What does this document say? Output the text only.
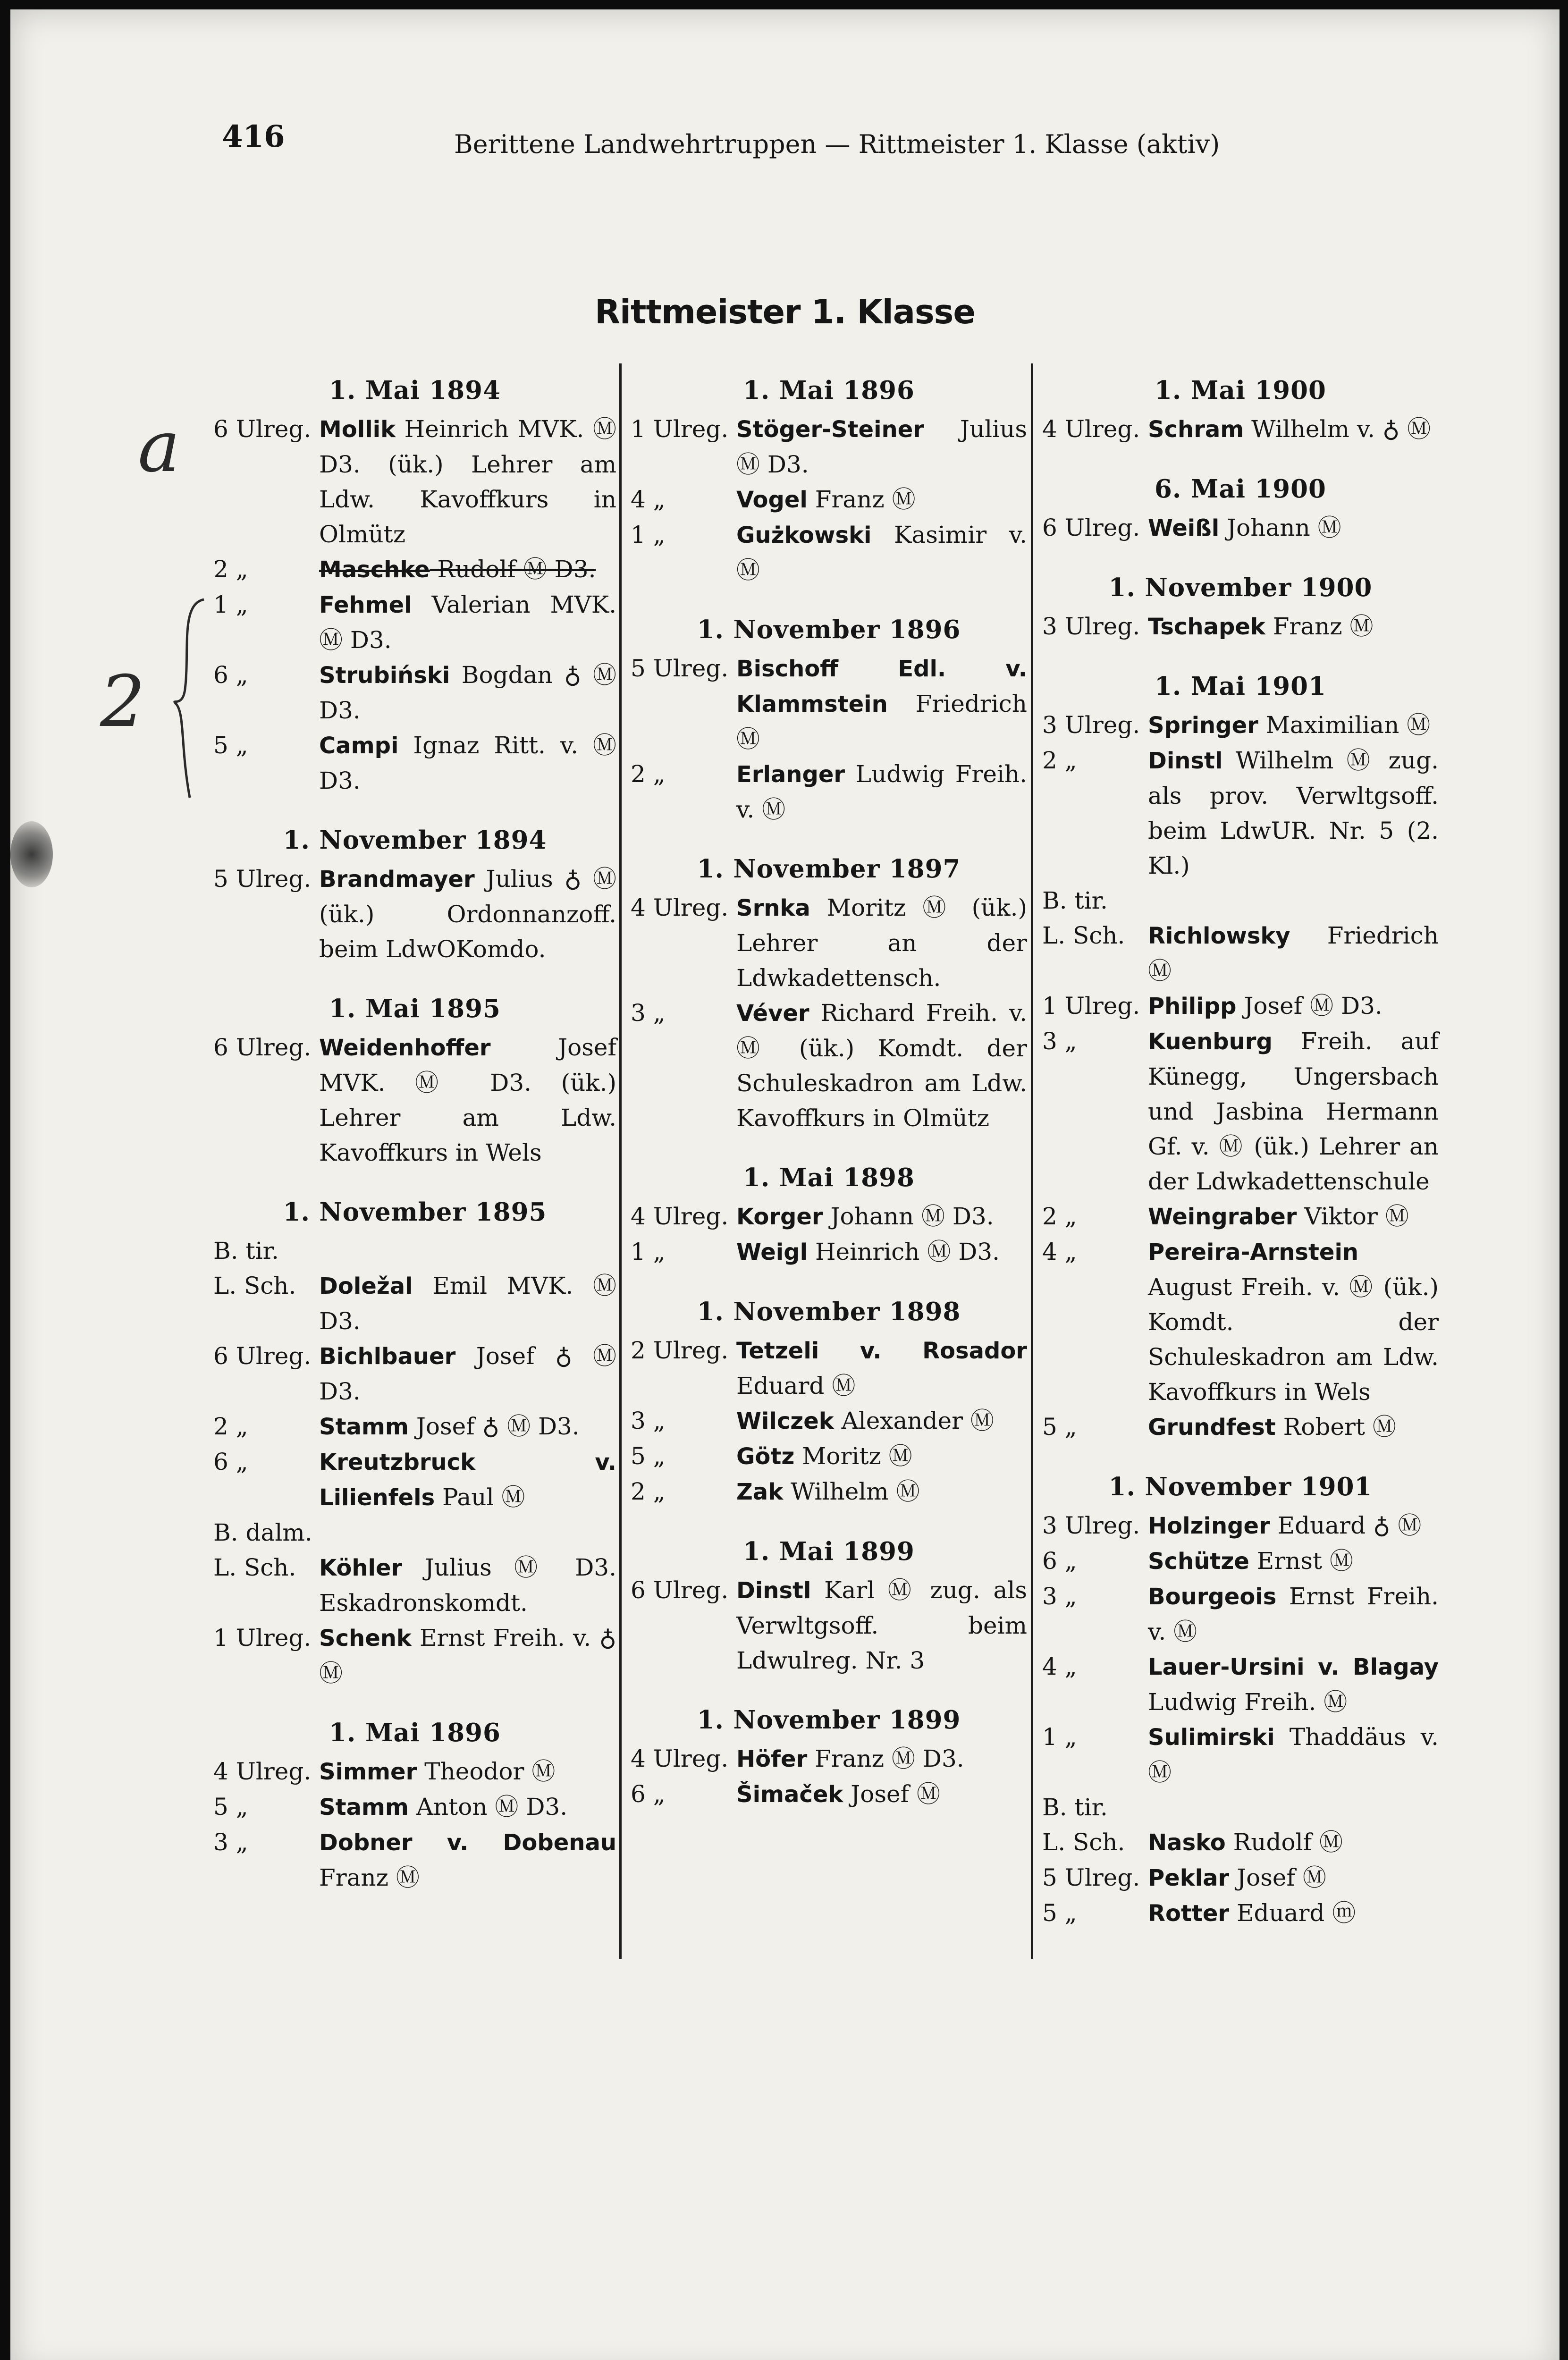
416	Berittene Landwehrtruppen — Rittmeister 1. Klasse (aktiv)
Rittmeister 1. Klasse
a
2
1. Mai 1894
6 Ulreg. Mollik Heinrich MVK. Ⓜ D3. (ük.) Lehrer am Ldw. Kavoffkurs in Olmütz
2 „	Maschke Rudolf Ⓜ D3.
1 „	Fehmel Valerian MVK. Ⓜ D3.
6 „	Strubiński Bogdan ♁ Ⓜ D3.
5 „	Campi Ignaz Ritt. v. Ⓜ D3.
1. November 1894
5 Ulreg. Brandmayer Julius ♁ Ⓜ (ük.) Ordonnanzoff. beim LdwOKomdo.
1. Mai 1895
6 Ulreg. Weidenhoffer Josef MVK. Ⓜ D3. (ük.) Lehrer am Ldw. Kavoffkurs in Wels
1. November 1895
B. tir.
L. Sch.	Doležal Emil MVK. Ⓜ D3.
6 Ulreg. Bichlbauer Josef ♁ Ⓜ D3.
2 „	Stamm Josef ♁ Ⓜ D3.
6 „	Kreutzbruck v. Lilienfels Paul Ⓜ
B. dalm.
L. Sch.	Köhler Julius Ⓜ D3. Eskadronskomdt.
1 Ulreg. Schenk Ernst Freih. v. ♁ Ⓜ
1. Mai 1896
4 Ulreg. Simmer Theodor Ⓜ
5 „	Stamm Anton Ⓜ D3.
3 „	Dobner v. Dobenau Franz Ⓜ
1. Mai 1896
1 Ulreg. Stöger-Steiner Julius Ⓜ D3.
4 „	Vogel Franz Ⓜ
1 „	Gużkowski Kasimir v. Ⓜ
1. November 1896
5 Ulreg. Bischoff Edl. v. Klammstein Friedrich Ⓜ
2 „	Erlanger Ludwig Freih. v. Ⓜ
1. November 1897
4 Ulreg. Srnka Moritz Ⓜ (ük.) Lehrer an der Ldwkadettensch.
3 „	Véver Richard Freih. v. Ⓜ (ük.) Komdt. der Schuleskadron am Ldw. Kavoffkurs in Olmütz
1. Mai 1898
4 Ulreg. Korger Johann Ⓜ D3.
1 „	Weigl Heinrich Ⓜ D3.
1. November 1898
2 Ulreg. Tetzeli v. Rosador Eduard Ⓜ
3 „	Wilczek Alexander Ⓜ
5 „	Götz Moritz Ⓜ
2 „	Zak Wilhelm Ⓜ
1. Mai 1899
6 Ulreg. Dinstl Karl Ⓜ zug. als Verwltgsoff. beim Ldwulreg. Nr. 3
1. November 1899
4 Ulreg. Höfer Franz Ⓜ D3.
6 „	Šimaček Josef Ⓜ
1. Mai 1900
4 Ulreg. Schram Wilhelm v. ♁ Ⓜ
6. Mai 1900
6 Ulreg. Weißl Johann Ⓜ
1. November 1900
3 Ulreg. Tschapek Franz Ⓜ
1. Mai 1901
3 Ulreg. Springer Maximilian Ⓜ
2 „	Dinstl Wilhelm Ⓜ zug. als prov. Verwltgsoff. beim LdwUR. Nr. 5 (2. Kl.)
B. tir.
L. Sch.	Richlowsky Friedrich Ⓜ
1 Ulreg. Philipp Josef Ⓜ D3.
3 „	Kuenburg Freih. auf Künegg, Ungersbach und Jasbina Hermann Gf. v. Ⓜ (ük.) Lehrer an der Ldwkadettenschule
2 „	Weingraber Viktor Ⓜ
4 „	Pereira-Arnstein August Freih. v. Ⓜ (ük.) Komdt. der Schuleskadron am Ldw. Kavoffkurs in Wels
5 „	Grundfest Robert Ⓜ
1. November 1901
3 Ulreg. Holzinger Eduard ♁ Ⓜ
6 „	Schütze Ernst Ⓜ
3 „	Bourgeois Ernst Freih. v. Ⓜ
4 „	Lauer-Ursini v. Blagay Ludwig Freih. Ⓜ
1 „	Sulimirski Thaddäus v. Ⓜ
B. tir.
L. Sch.	Nasko Rudolf Ⓜ
5 Ulreg. Peklar Josef Ⓜ
5 „	Rotter Eduard ⓜ
